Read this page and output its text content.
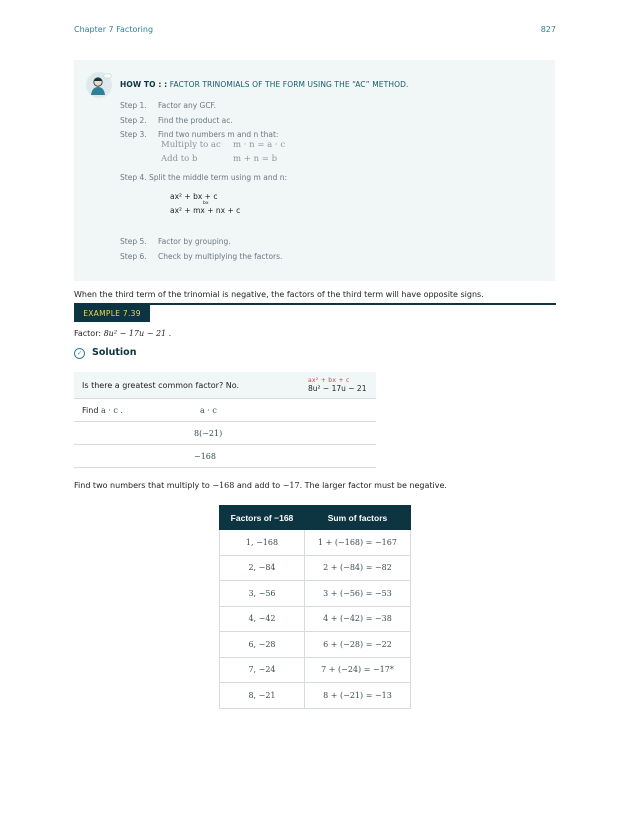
Chapter 7 Factoring	827
···
HOW TO : : FACTOR TRINOMIALS OF THE FORM USING THE “AC” METHOD.
Step 1. Factor any GCF.
Step 2. Find the product ac.
Step 3. Find two numbers m and n that:
Multiply to ac m · n = a · c
Add to b	m + n = b
Step 4. Split the middle term using m and n:
ax² + bx + c
bx
ax² + mx + nx + c
Step 5. Factor by grouping.
Step 6. Check by multiplying the factors.
When the third term of the trinomial is negative, the factors of the third term will have opposite signs.
EXAMPLE 7.39
Factor: 8u² − 17u − 21 .
✓ Solution
Is there a greatest common factor? No.	ax² + bx + c
8u² − 17u − 21

Find a · c .	a · c
	8(−21)
	−168
Find two numbers that multiply to −168 and add to −17. The larger factor must be negative.
Factors of −168	Sum of factors
1, −168	1 + (−168) = −167
2, −84	2 + (−84) = −82
3, −56	3 + (−56) = −53
4, −42	4 + (−42) = −38
6, −28	6 + (−28) = −22
7, −24	7 + (−24) = −17*
8, −21	8 + (−21) = −13
